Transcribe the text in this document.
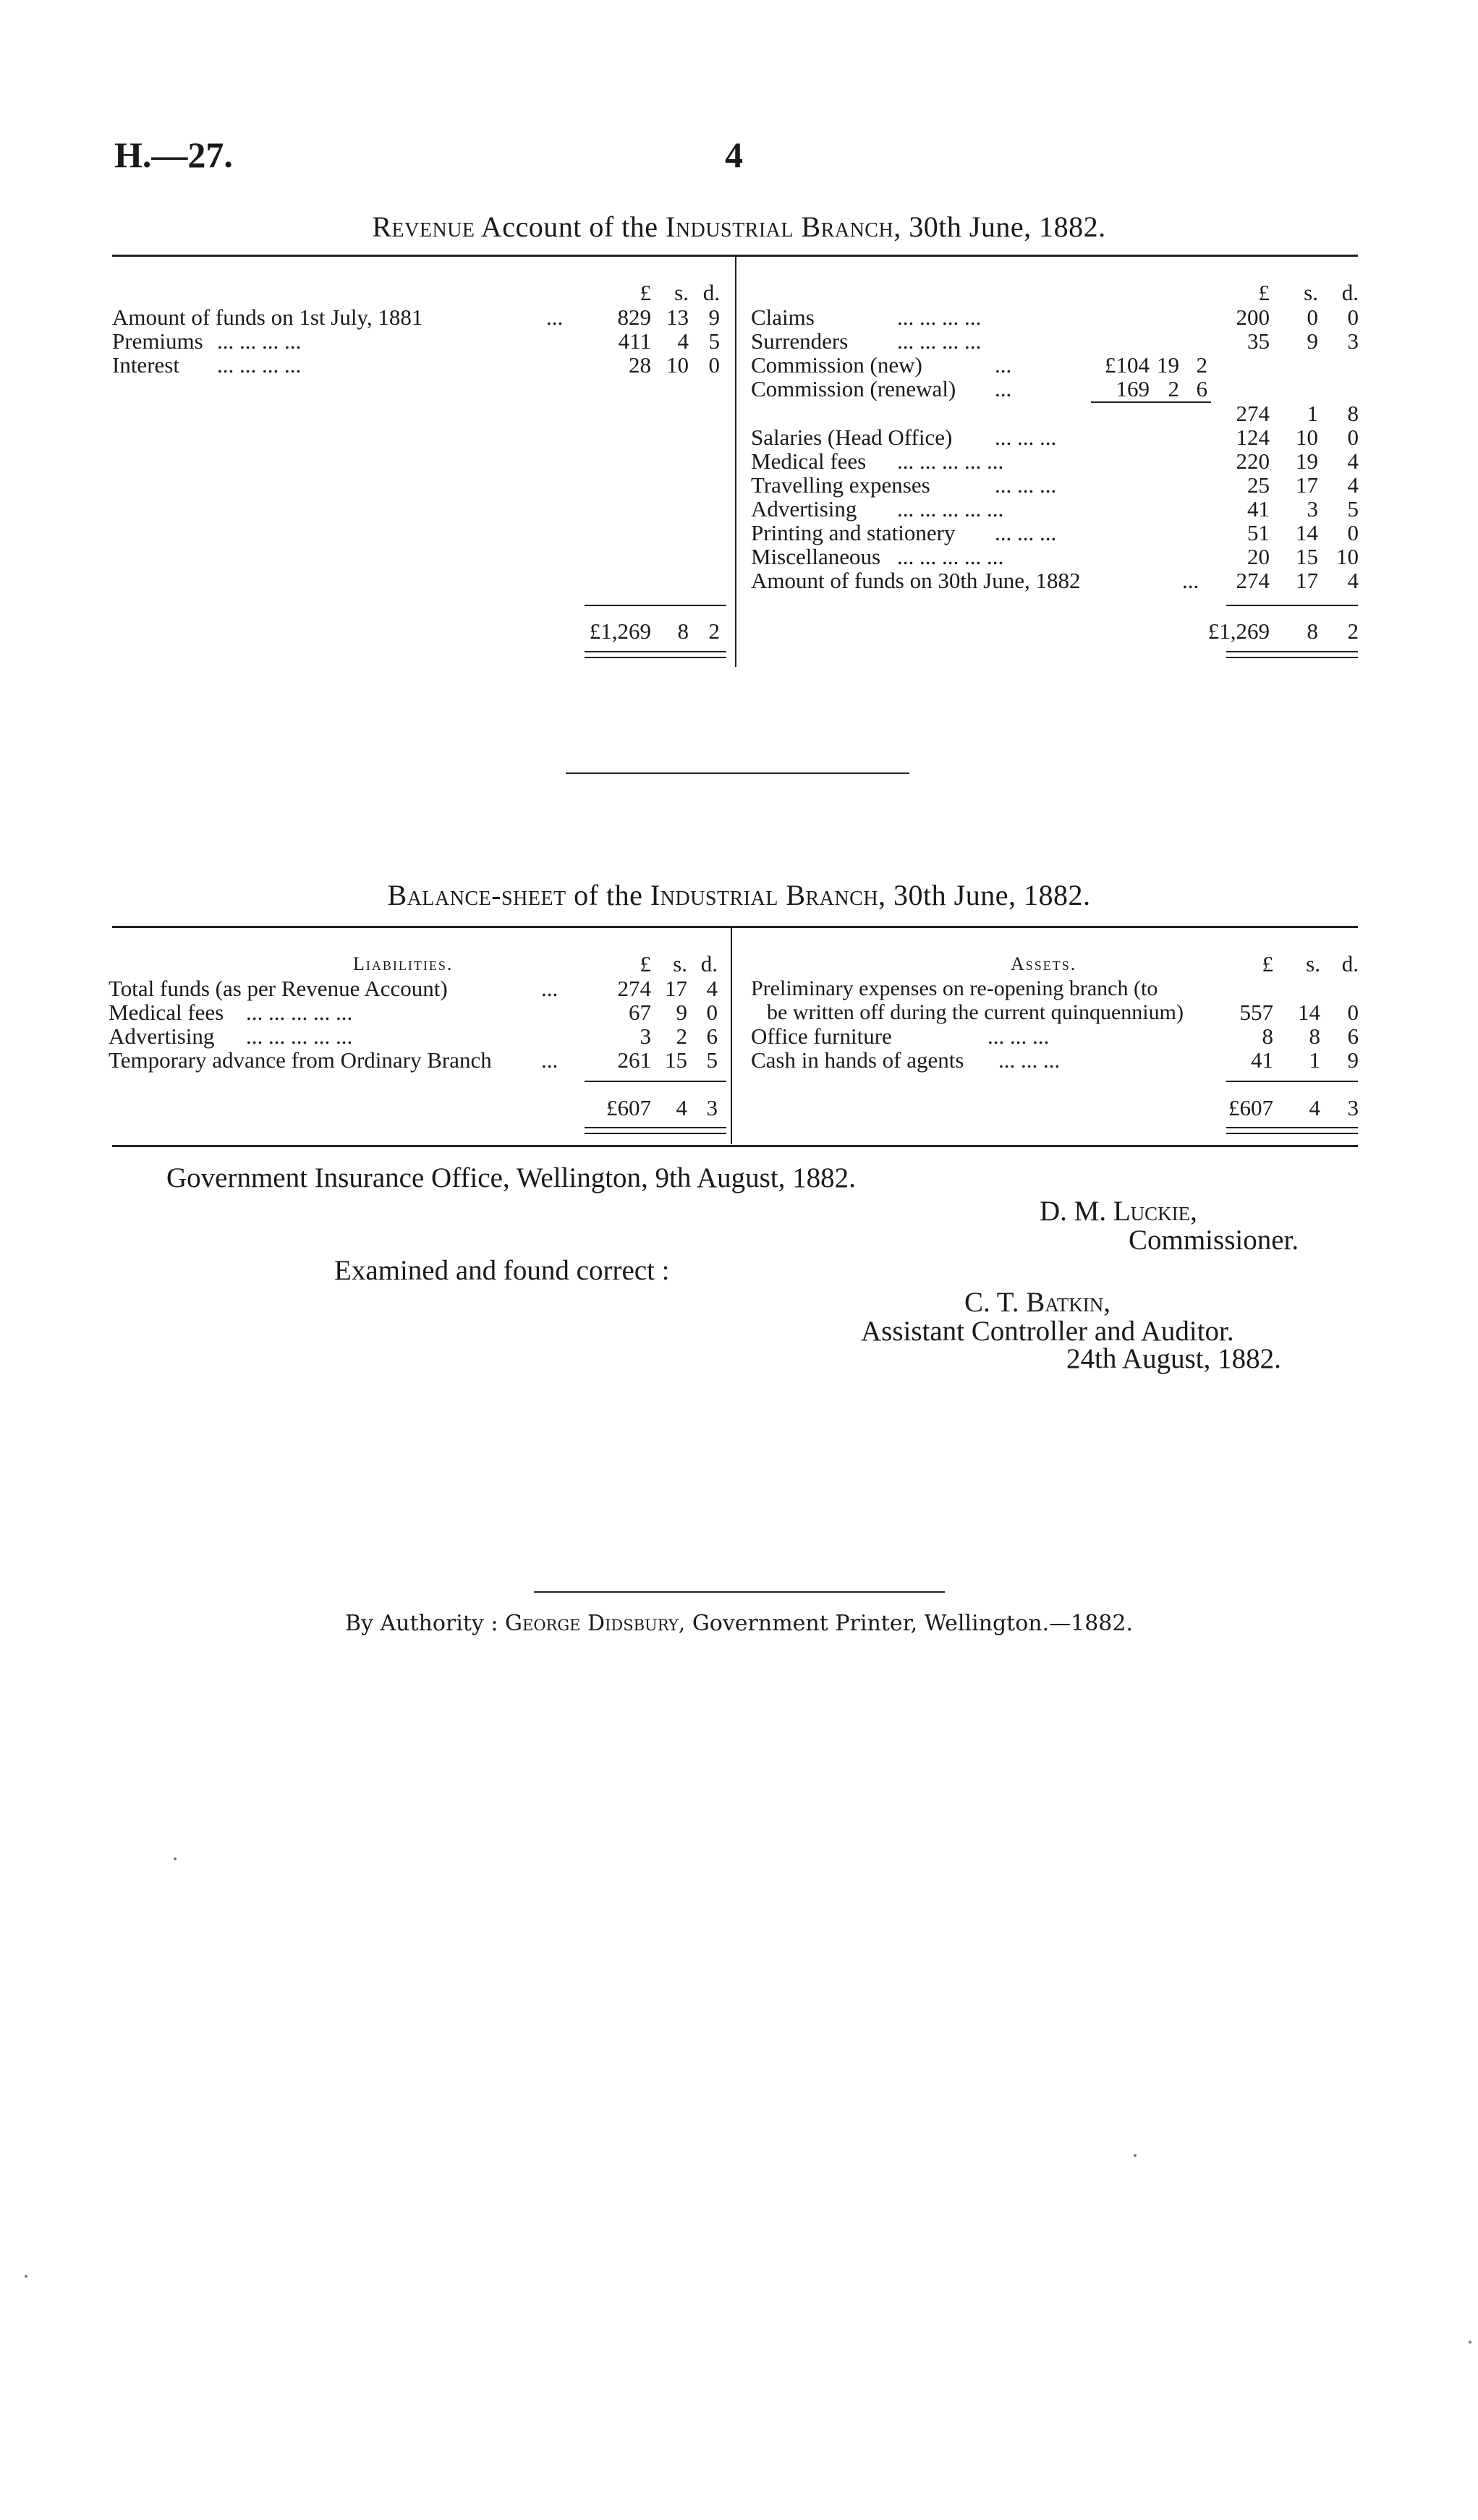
H.—27.	4
Revenue Account of the Industrial Branch, 30th June, 1882.
£	s. d.	£	s.	d.
Amount of funds on 1st July, 1881	...	829 13 9
Premiums ... ... ... ...	411	4 5
Interest ... ... ... ...	28 10 0
£1,269	8 2
Claims	... ... ... ...	200	0	0
Surrenders ... ... ... ...	35	9	3
Commission (new)	...	£104 19 2
Commission (renewal) ...	169 2 6
274	1	8
Salaries (Head Office) ... ... ...	124	10	0
Medical fees ... ... ... ... ...	220	19	4
Travelling expenses	... ... ...	25	17	4
Advertising ... ... ... ... ...	41	3	5
Printing and stationery ... ... ...	51	14	0
Miscellaneous ... ... ... ... ...	20	15 10
Amount of funds on 30th June, 1882	...	274	17	4
£1,269	8	2
Balance-sheet of the Industrial Branch, 30th June, 1882.
Liabilities.	Assets.
£ s. d.	£	s. d.
Total funds (as per Revenue Account)	...	274 17 4
Medical fees ... ... ... ... ...	67	9 0
Advertising ... ... ... ... ...	3	2 6
Temporary advance from Ordinary Branch ...	261 15 5
Preliminary expenses on re-opening branch (to
be written off during the current quinquennium)	557	14	0
Office furniture	... ... ...	8	8	6
Cash in hands of agents ... ... ...	41	1	9
£607	4 3	£607	4	3
Government Insurance Office, Wellington, 9th August, 1882.
D. M. Luckie,
Commissioner.
Examined and found correct :
C. T. Batkin,
Assistant Controller and Auditor.
24th August, 1882.
By Authority : George Didsbury, Government Printer, Wellington.—1882.
